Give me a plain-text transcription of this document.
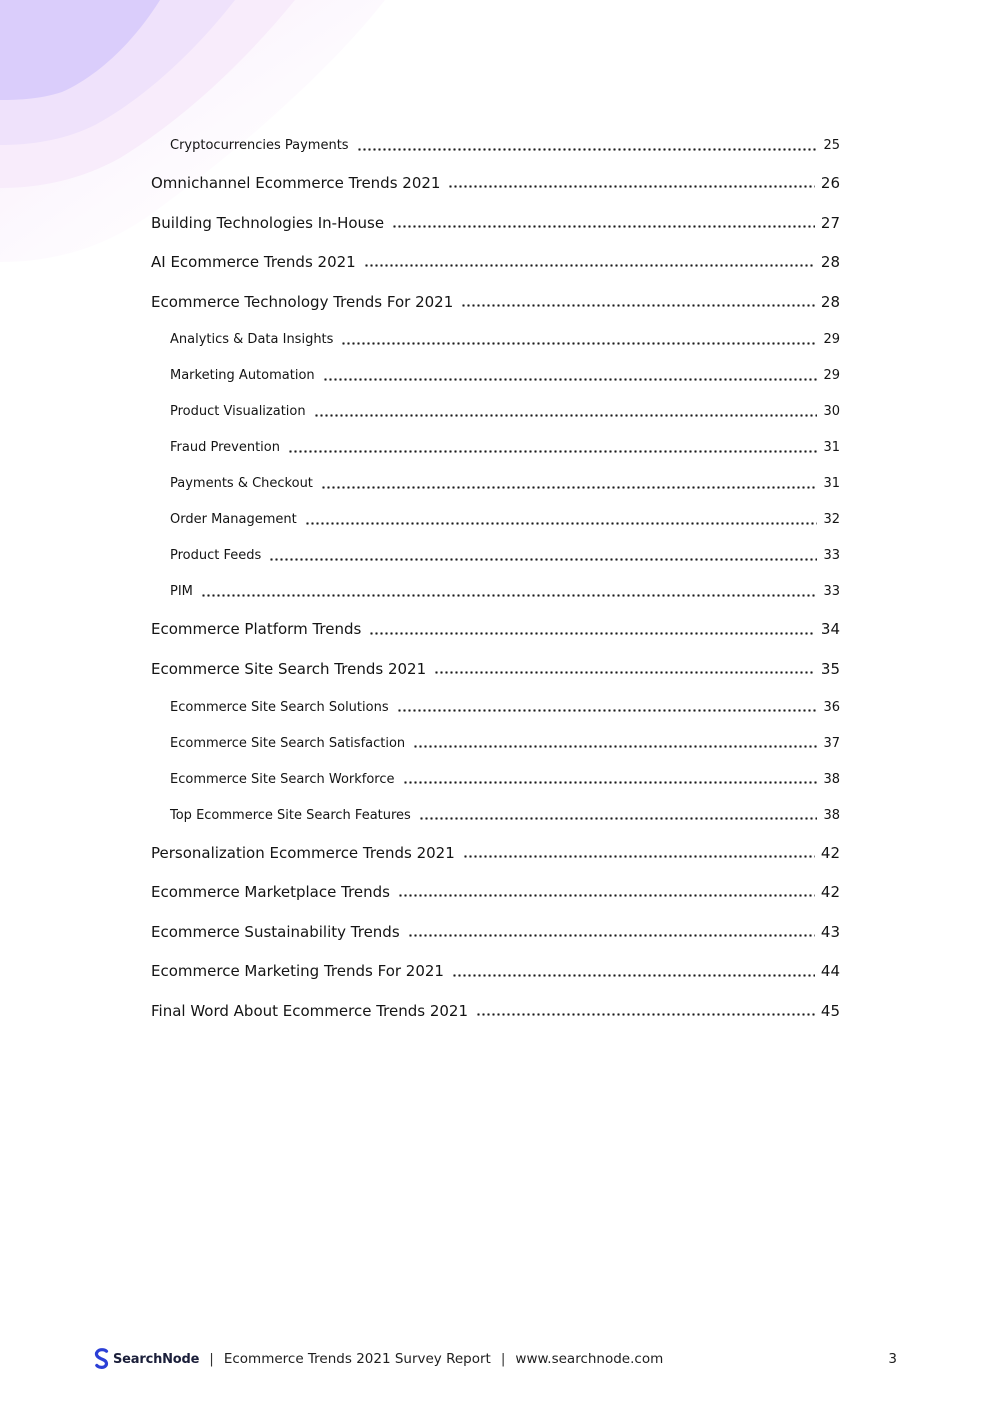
Cryptocurrencies Payments	25
Omnichannel Ecommerce Trends 2021	26
Building Technologies In-House	27
AI Ecommerce Trends 2021	28
Ecommerce Technology Trends For 2021	28
Analytics & Data Insights	29
Marketing Automation	29
Product Visualization	30
Fraud Prevention	31
Payments & Checkout	31
Order Management	32
Product Feeds	33
PIM	33
Ecommerce Platform Trends	34
Ecommerce Site Search Trends 2021	35
Ecommerce Site Search Solutions	36
Ecommerce Site Search Satisfaction	37
Ecommerce Site Search Workforce	38
Top Ecommerce Site Search Features	38
Personalization Ecommerce Trends 2021	42
Ecommerce Marketplace Trends	42
Ecommerce Sustainability Trends	43
Ecommerce Marketing Trends For 2021	44
Final Word About Ecommerce Trends 2021	45
SearchNode | Ecommerce Trends 2021 Survey Report | www.searchnode.com	3
